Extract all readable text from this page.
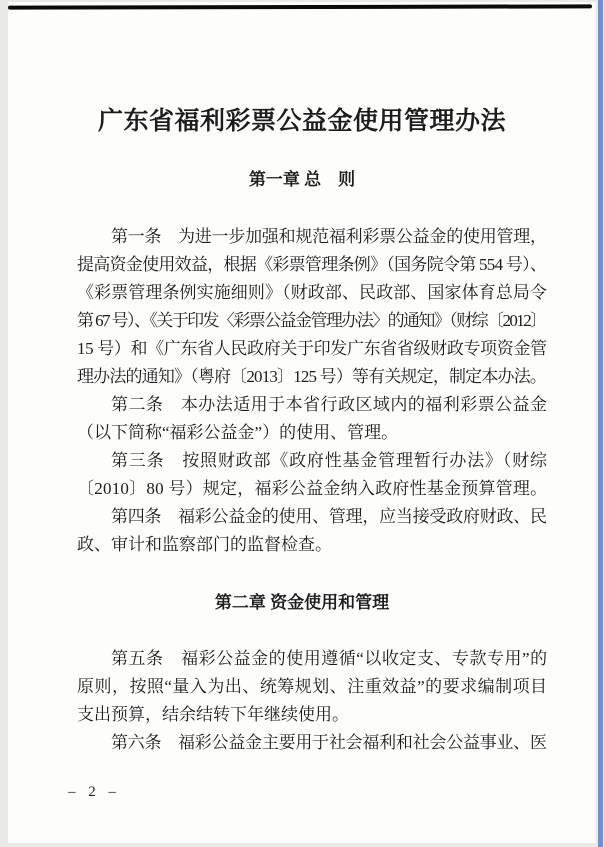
广东省福利彩票公益金使用管理办法
第一章 总　则
第一条　为进一步加强和规范福利彩票公益金的使用管理，
提高资金使用效益，根据《彩票管理条例》（国务院令第 554 号）、
《彩票管理条例实施细则》（财政部、民政部、国家体育总局令
第 67 号）、《关于印发〈彩票公益金管理办法〉的通知》（财综〔2012〕
15 号）和《广东省人民政府关于印发广东省省级财政专项资金管
理办法的通知》（粤府〔2013〕125 号）等有关规定，制定本办法。
第二条　本办法适用于本省行政区域内的福利彩票公益金
（以下简称“福彩公益金”）的使用、管理。
第三条　按照财政部《政府性基金管理暂行办法》（财综
〔2010〕80 号）规定，福彩公益金纳入政府性基金预算管理。
第四条　福彩公益金的使用、管理，应当接受政府财政、民
政、审计和监察部门的监督检查。
第二章 资金使用和管理
第五条　福彩公益金的使用遵循“以收定支、专款专用”的
原则，按照“量入为出、统筹规划、注重效益”的要求编制项目
支出预算，结余结转下年继续使用。
第六条　福彩公益金主要用于社会福利和社会公益事业、医
– 2 –
